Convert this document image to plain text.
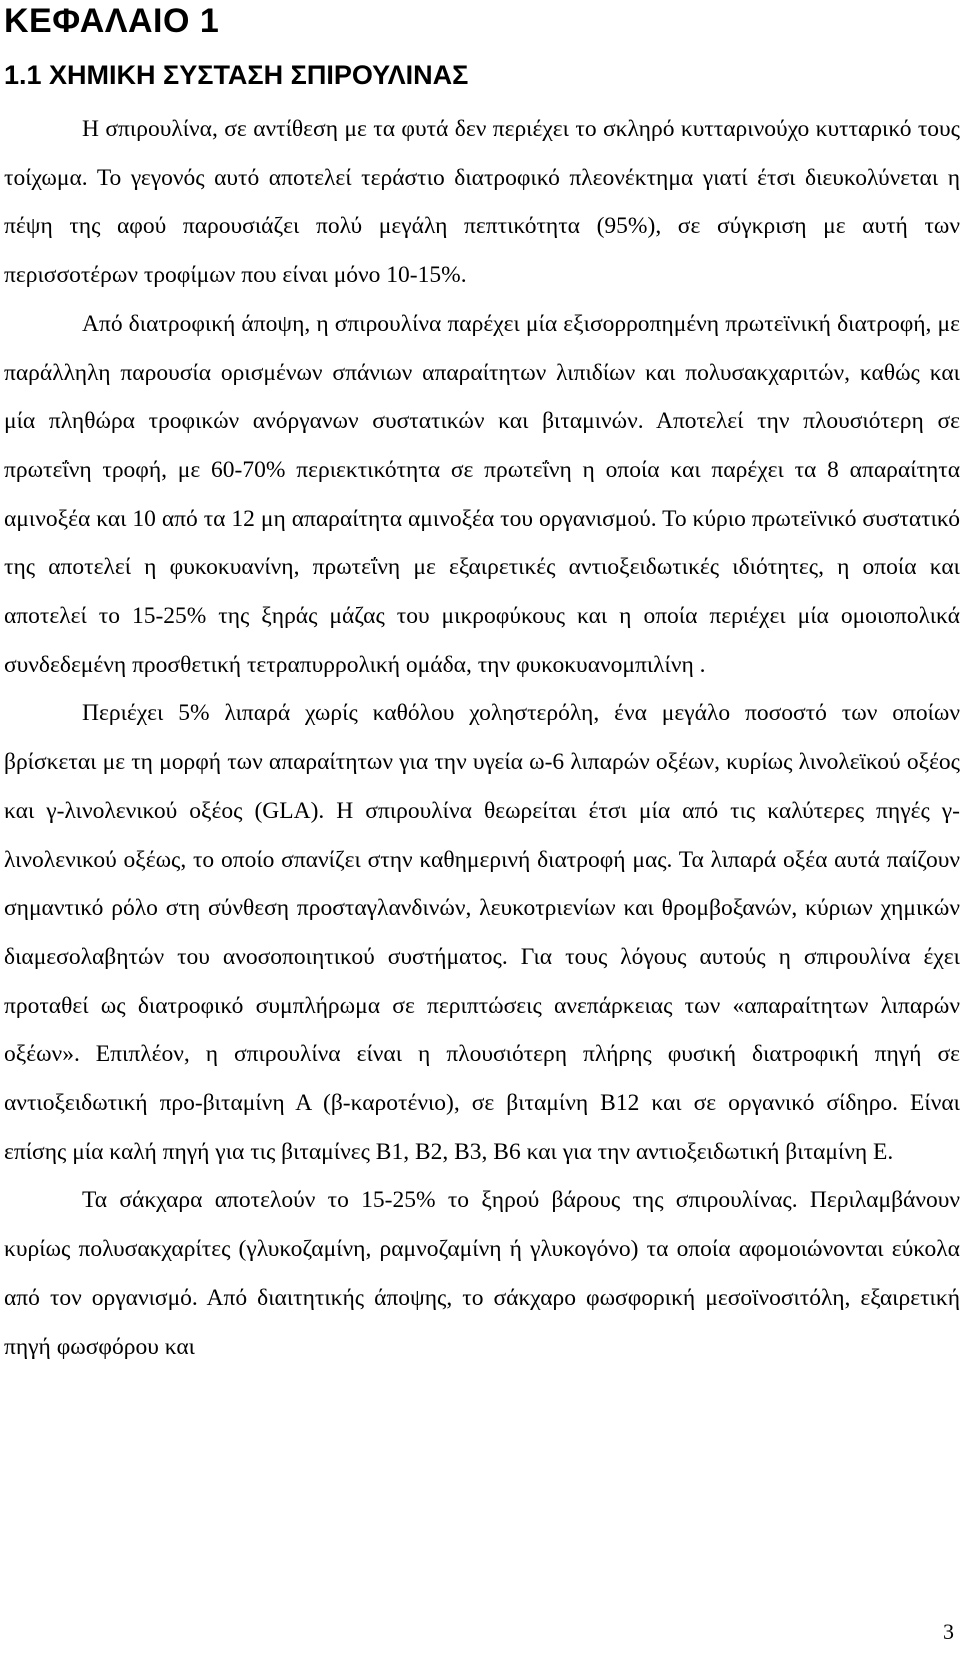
ΚΕΦΑΛΑΙΟ 1
1.1 ΧΗΜΙΚΗ ΣΥΣΤΑΣΗ ΣΠΙΡΟΥΛΙΝΑΣ

Η σπιρουλίνα, σε αντίθεση με τα φυτά δεν περιέχει το σκληρό κυτταρινούχο κυτταρικό τους τοίχωμα. Το γεγονός αυτό αποτελεί τεράστιο διατροφικό πλεονέκτημα γιατί έτσι διευκολύνεται η πέψη της αφού παρουσιάζει πολύ μεγάλη πεπτικότητα (95%), σε σύγκριση με αυτή των περισσοτέρων τροφίμων που είναι μόνο 10-15%.

Από διατροφική άποψη, η σπιρουλίνα παρέχει μία εξισορροπημένη πρωτεϊνική διατροφή, με παράλληλη παρουσία ορισμένων σπάνιων απαραίτητων λιπιδίων και πολυσακχαριτών, καθώς και μία πληθώρα τροφικών ανόργανων συστατικών και βιταμινών. Αποτελεί την πλουσιότερη σε πρωτεΐνη τροφή, με 60-70% περιεκτικότητα σε πρωτεΐνη η οποία και παρέχει τα 8 απαραίτητα αμινοξέα και 10 από τα 12 μη απαραίτητα αμινοξέα του οργανισμού. Το κύριο πρωτεϊνικό συστατικό της αποτελεί η φυκοκυανίνη, πρωτεΐνη με εξαιρετικές αντιοξειδωτικές ιδιότητες, η οποία και αποτελεί το 15-25% της ξηράς μάζας του μικροφύκους και η οποία περιέχει μία ομοιοπολικά συνδεδεμένη προσθετική τετραπυρρολική ομάδα, την φυκοκυανομπιλίνη .

Περιέχει 5% λιπαρά χωρίς καθόλου χοληστερόλη, ένα μεγάλο ποσοστό των οποίων βρίσκεται με τη μορφή των απαραίτητων για την υγεία ω-6 λιπαρών οξέων, κυρίως λινολεϊκού οξέος και γ-λινολενικού οξέος (GLA). Η σπιρουλίνα θεωρείται έτσι μία από τις καλύτερες πηγές γ-λινολενικού οξέως, το οποίο σπανίζει στην καθημερινή διατροφή μας. Τα λιπαρά οξέα αυτά παίζουν σημαντικό ρόλο στη σύνθεση προσταγλανδινών, λευκοτριενίων και θρομβοξανών, κύριων χημικών διαμεσολαβητών του ανοσοποιητικού συστήματος. Για τους λόγους αυτούς η σπιρουλίνα έχει προταθεί ως διατροφικό συμπλήρωμα σε περιπτώσεις ανεπάρκειας των «απαραίτητων λιπαρών οξέων». Επιπλέον, η σπιρουλίνα είναι η πλουσιότερη πλήρης φυσική διατροφική πηγή σε αντιοξειδωτική προ-βιταμίνη Α (β-καροτένιο), σε βιταμίνη Β12 και σε οργανικό σίδηρο. Είναι επίσης μία καλή πηγή για τις βιταμίνες Β1, Β2, Β3, Β6 και για την αντιοξειδωτική βιταμίνη Ε.

Τα σάκχαρα αποτελούν το 15-25% το ξηρού βάρους της σπιρουλίνας. Περιλαμβάνουν κυρίως πολυσακχαρίτες (γλυκοζαμίνη, ραμνοζαμίνη ή γλυκογόνο) τα οποία αφομοιώνονται εύκολα από τον οργανισμό. Από διαιτητικής άποψης, το σάκχαρο φωσφορική μεσοϊνοσιτόλη, εξαιρετική πηγή φωσφόρου και

3
